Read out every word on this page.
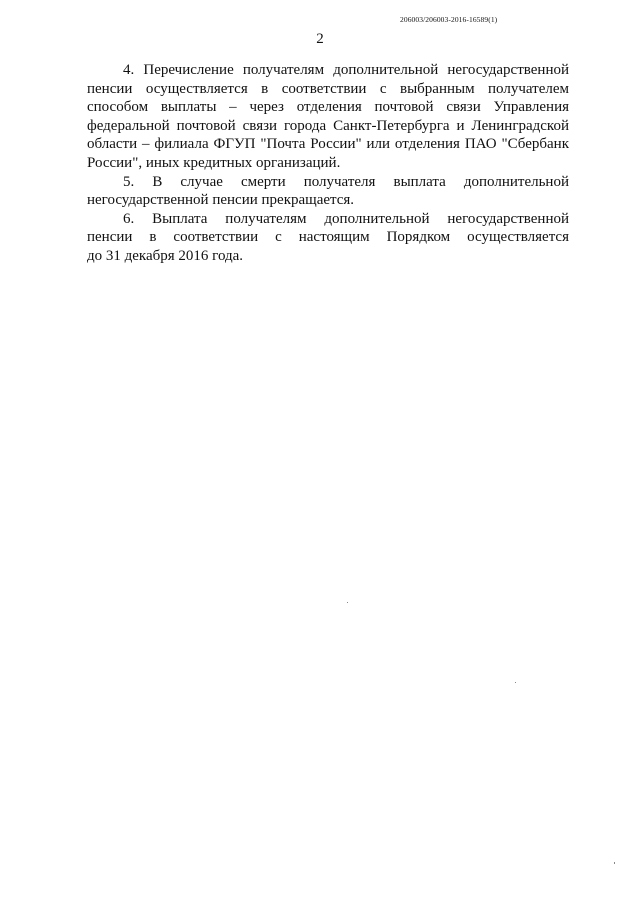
206003/206003-2016-16589(1)
2
4. Перечисление получателям дополнительной негосударственной
пенсии осуществляется в соответствии с выбранным получателем
способом выплаты – через отделения почтовой связи Управления
федеральной почтовой связи города Санкт-Петербурга и Ленинградской
области – филиала ФГУП "Почта России" или отделения ПАО "Сбербанк
России", иных кредитных организаций.
5. В случае смерти получателя выплата дополнительной
негосударственной пенсии прекращается.
6. Выплата получателям дополнительной негосударственной
пенсии в соответствии с настоящим Порядком осуществляется
до 31 декабря 2016 года.
